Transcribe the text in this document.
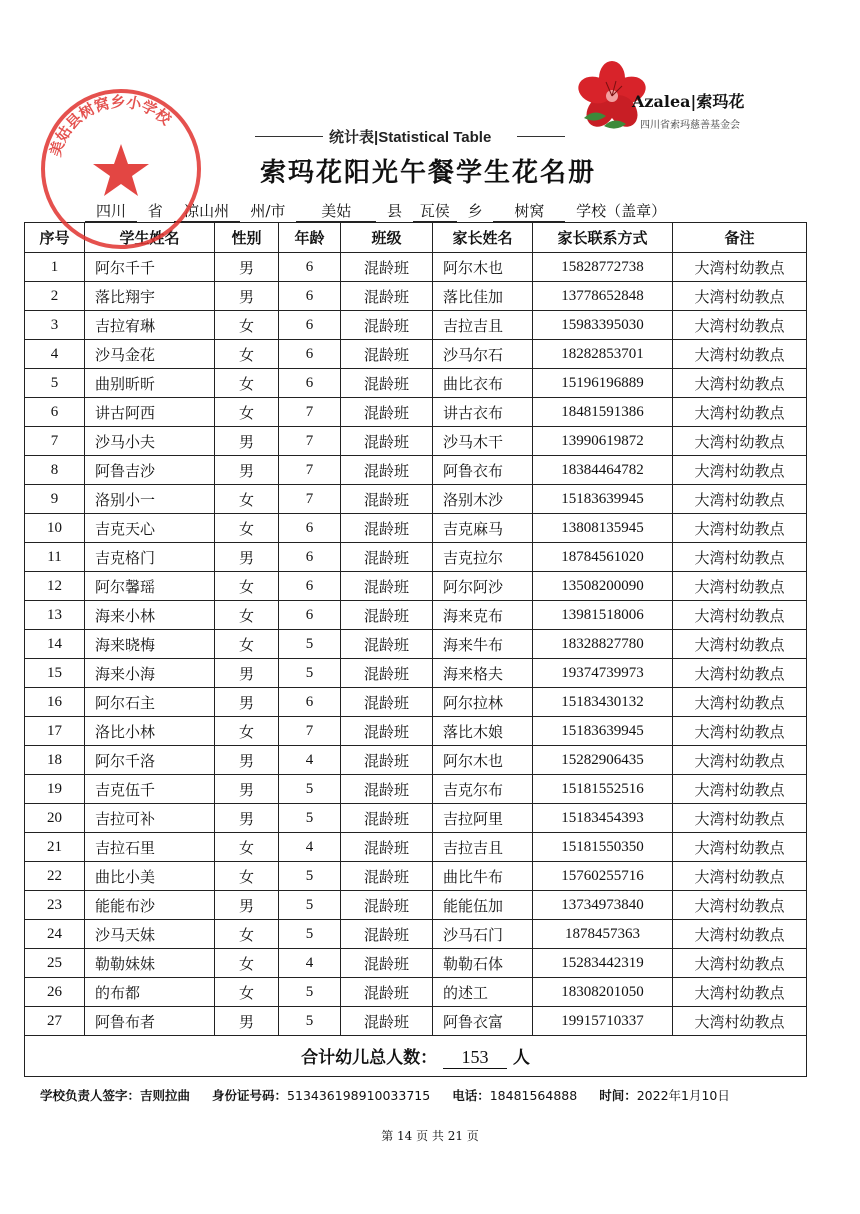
Azalea|索玛花
四川省索玛慈善基金会
统计表|Statistical Table
索玛花阳光午餐学生花名册
四川 省 凉山州 州/市 美姑 县 瓦侯 乡 树窝 学校（盖章）
序号	学生姓名	性别	年龄	班级	家长姓名	家长联系方式	备注
1	阿尔千千	男	6	混龄班	阿尔木也	15828772738	大湾村幼教点
2	落比翔宇	男	6	混龄班	落比佳加	13778652848	大湾村幼教点
3	吉拉宥琳	女	6	混龄班	吉拉吉且	15983395030	大湾村幼教点
4	沙马金花	女	6	混龄班	沙马尔石	18282853701	大湾村幼教点
5	曲别昕昕	女	6	混龄班	曲比衣布	15196196889	大湾村幼教点
6	讲古阿西	女	7	混龄班	讲古衣布	18481591386	大湾村幼教点
7	沙马小夫	男	7	混龄班	沙马木干	13990619872	大湾村幼教点
8	阿鲁吉沙	男	7	混龄班	阿鲁衣布	18384464782	大湾村幼教点
9	洛别小一	女	7	混龄班	洛别木沙	15183639945	大湾村幼教点
10	吉克天心	女	6	混龄班	吉克麻马	13808135945	大湾村幼教点
11	吉克格门	男	6	混龄班	吉克拉尔	18784561020	大湾村幼教点
12	阿尔馨瑶	女	6	混龄班	阿尔阿沙	13508200090	大湾村幼教点
13	海来小林	女	6	混龄班	海来克布	13981518006	大湾村幼教点
14	海来晓梅	女	5	混龄班	海来牛布	18328827780	大湾村幼教点
15	海来小海	男	5	混龄班	海来格夫	19374739973	大湾村幼教点
16	阿尔石主	男	6	混龄班	阿尔拉林	15183430132	大湾村幼教点
17	洛比小林	女	7	混龄班	落比木娘	15183639945	大湾村幼教点
18	阿尔千洛	男	4	混龄班	阿尔木也	15282906435	大湾村幼教点
19	吉克伍千	男	5	混龄班	吉克尔布	15181552516	大湾村幼教点
20	吉拉可补	男	5	混龄班	吉拉阿里	15183454393	大湾村幼教点
21	吉拉石里	女	4	混龄班	吉拉吉且	15181550350	大湾村幼教点
22	曲比小美	女	5	混龄班	曲比牛布	15760255716	大湾村幼教点
23	能能布沙	男	5	混龄班	能能伍加	13734973840	大湾村幼教点
24	沙马天妹	女	5	混龄班	沙马石门	1878457363	大湾村幼教点
25	勒勒妹妹	女	4	混龄班	勒勒石体	15283442319	大湾村幼教点
26	的布都	女	5	混龄班	的述工	18308201050	大湾村幼教点
27	阿鲁布者	男	5	混龄班	阿鲁衣富	19915710337	大湾村幼教点
合计幼儿总人数： 153 人							
美姑县树窝乡小学校
学校负责人签字：吉则拉曲 身份证号码：513436198910033715 电话：18481564888 时间：2022年1月10日
第 14 页 共 21 页
